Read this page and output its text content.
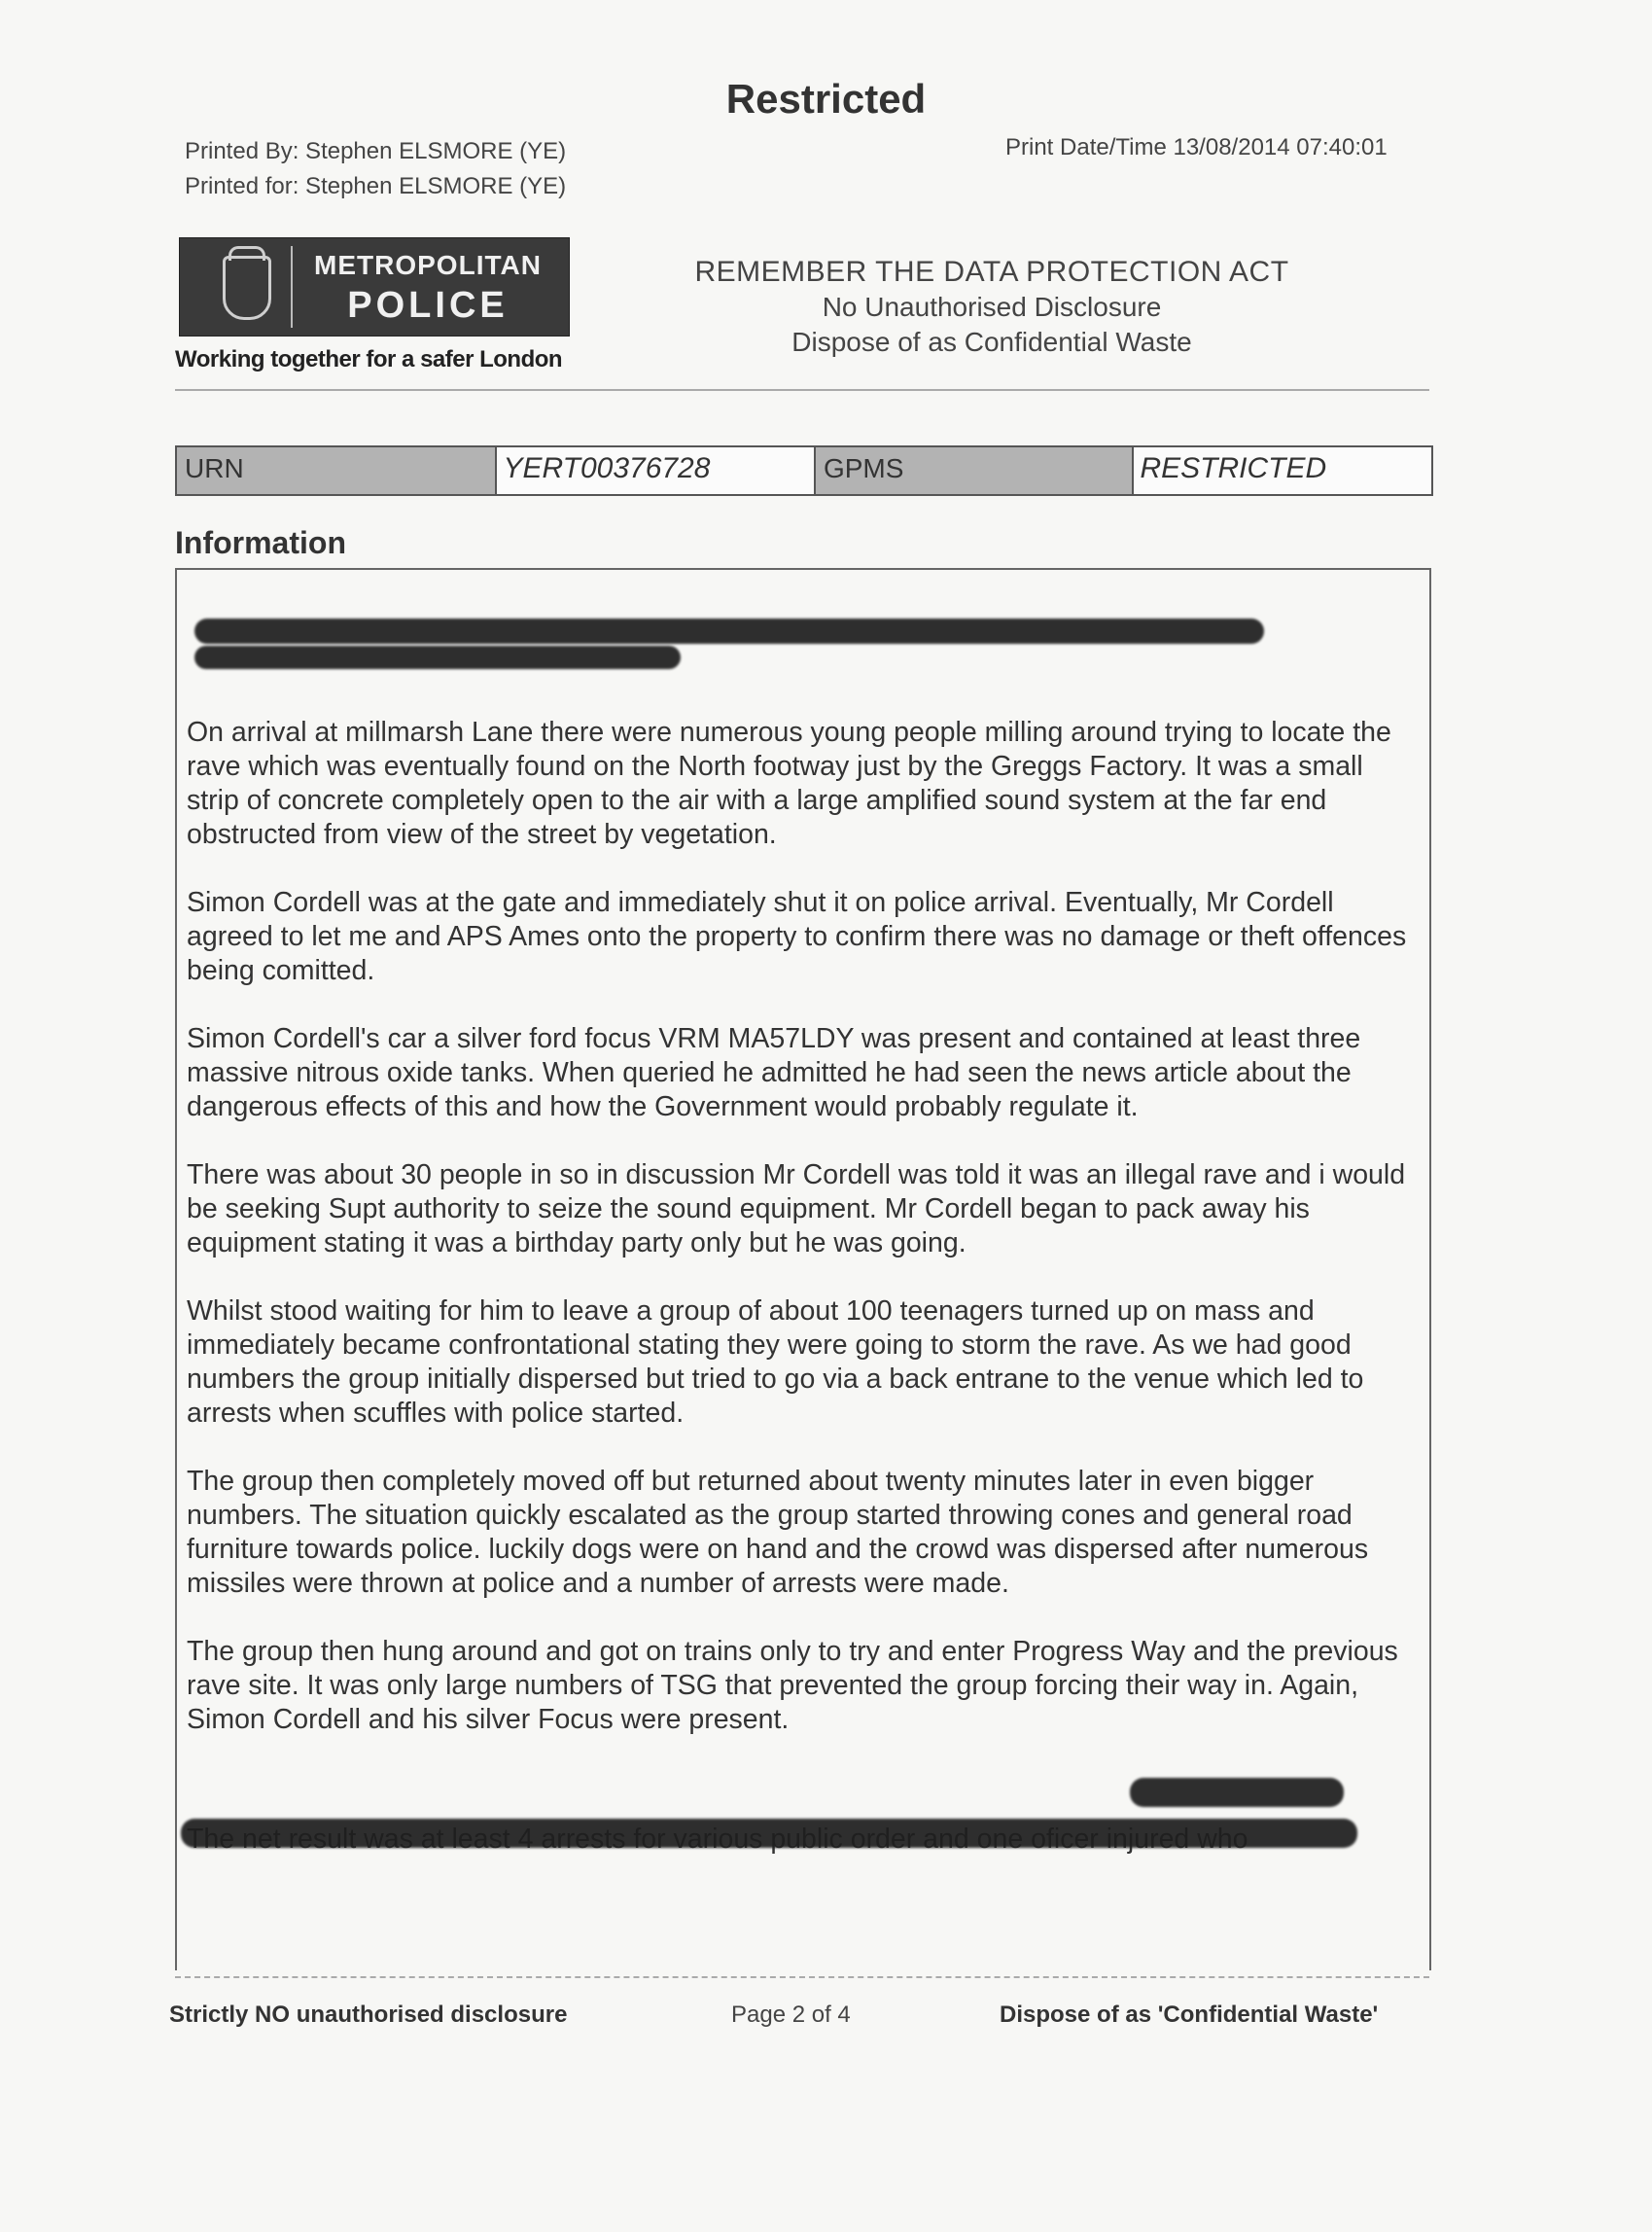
Restricted
Printed By: Stephen ELSMORE (YE)
Printed for: Stephen ELSMORE (YE)
Print Date/Time 13/08/2014 07:40:01
METROPOLITAN
POLICE
Working together for a safer London
REMEMBER THE DATA PROTECTION ACT
No Unauthorised Disclosure
Dispose of as Confidential Waste
URN	YERT00376728	GPMS	RESTRICTED
Information

On arrival at millmarsh Lane there were numerous young people milling around trying to locate the rave which was eventually found on the North footway just by the Greggs Factory. It was a small strip of concrete completely open to the air with a large amplified sound system at the far end obstructed from view of the street by vegetation.

Simon Cordell was at the gate and immediately shut it on police arrival. Eventually, Mr Cordell agreed to let me and APS Ames onto the property to confirm there was no damage or theft offences being comitted.

Simon Cordell's car a silver ford focus VRM MA57LDY was present and contained at least three massive nitrous oxide tanks. When queried he admitted he had seen the news article about the dangerous effects of this and how the Government would probably regulate it.

There was about 30 people in so in discussion Mr Cordell was told it was an illegal rave and i would be seeking Supt authority to seize the sound equipment. Mr Cordell began to pack away his equipment stating it was a birthday party only but he was going.

Whilst stood waiting for him to leave a group of about 100 teenagers turned up on mass and immediately became confrontational stating they were going to storm the rave. As we had good numbers the group initially dispersed but tried to go via a back entrane to the venue which led to arrests when scuffles with police started.

The group then completely moved off but returned about twenty minutes later in even bigger numbers. The situation quickly escalated as the group started throwing cones and general road furniture towards police. luckily dogs were on hand and the crowd was dispersed after numerous missiles were thrown at police and a number of arrests were made.

The group then hung around and got on trains only to try and enter Progress Way and the previous rave site. It was only large numbers of TSG that prevented the group forcing their way in. Again, Simon Cordell and his silver Focus were present.

Strictly NO unauthorised disclosure	Page 2 of 4	Dispose of as 'Confidential Waste'
